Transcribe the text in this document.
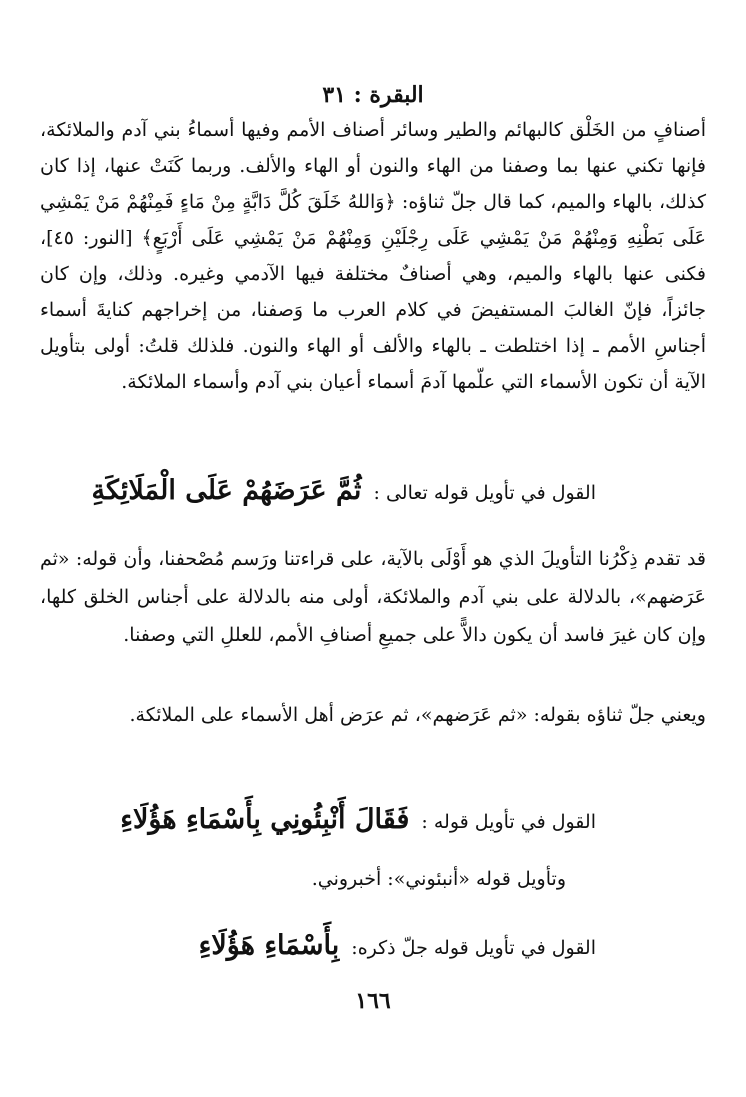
البقرة : ٣١
أصنافٍ من الخَلْق كالبهائم والطير وسائر أصناف الأمم وفيها أسماءُ بني آدم والملائكة، فإنها تكني عنها بما وصفنا من الهاء والنون أو الهاء والألف. وربما كَنَتْ عنها، إذا كان كذلك، بالهاء والميم، كما قال جلّ ثناؤه: ﴿وَاللهُ خَلَقَ كُلَّ دَابَّةٍ مِنْ مَاءٍ فَمِنْهُمْ مَنْ يَمْشِي عَلَى بَطْنِهِ وَمِنْهُمْ مَنْ يَمْشِي عَلَى رِجْلَيْنِ وَمِنْهُمْ مَنْ يَمْشِي عَلَى أَرْبَعٍ﴾ [النور: ٤٥]، فكنى عنها بالهاء والميم، وهي أصنافٌ مختلفة فيها الآدمي وغيره. وذلك، وإن كان جائزاً، فإنّ الغالبَ المستفيضَ في كلام العرب ما وَصفنا، من إخراجهم كنايةَ أسماء أجناسِ الأمم ـ إذا اختلطت ـ بالهاء والألف أو الهاء والنون. فلذلك قلتُ: أولى بتأويل الآية أن تكون الأسماء التي علّمها آدمَ أسماء أعيان بني آدم وأسماء الملائكة.
القول في تأويل قوله تعالى : ثُمَّ عَرَضَهُمْ عَلَى الْمَلَائِكَةِ
قد تقدم ذِكْرُنا التأويلَ الذي هو أَوْلَى بالآية، على قراءتنا ورَسم مُصْحفنا، وأن قوله: «ثم عَرَضهم»، بالدلالة على بني آدم والملائكة، أولى منه بالدلالة على أجناس الخلق كلها، وإن كان غيرَ فاسد أن يكون دالاًّ على جميعِ أصنافِ الأمم، للعللِ التي وصفنا.
ويعني جلّ ثناؤه بقوله: «ثم عَرَضهم»، ثم عرَض أهل الأسماء على الملائكة.
القول في تأويل قوله : فَقَالَ أَنْبِئُونِي بِأَسْمَاءِ هَؤُلَاءِ
وتأويل قوله «أنبئوني»: أخبروني.
القول في تأويل قوله جلّ ذكره: بِأَسْمَاءِ هَؤُلَاءِ
١٦٦
